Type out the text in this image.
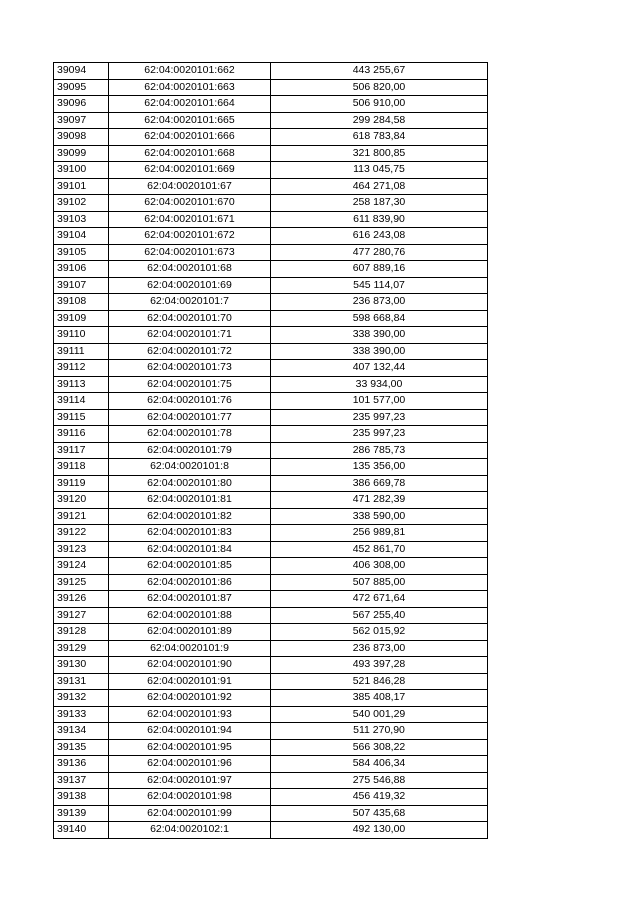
39094	62:04:0020101:662	443 255,67
39095	62:04:0020101:663	506 820,00
39096	62:04:0020101:664	506 910,00
39097	62:04:0020101:665	299 284,58
39098	62:04:0020101:666	618 783,84
39099	62:04:0020101:668	321 800,85
39100	62:04:0020101:669	113 045,75
39101	62:04:0020101:67	464 271,08
39102	62:04:0020101:670	258 187,30
39103	62:04:0020101:671	611 839,90
39104	62:04:0020101:672	616 243,08
39105	62:04:0020101:673	477 280,76
39106	62:04:0020101:68	607 889,16
39107	62:04:0020101:69	545 114,07
39108	62:04:0020101:7	236 873,00
39109	62:04:0020101:70	598 668,84
39110	62:04:0020101:71	338 390,00
39111	62:04:0020101:72	338 390,00
39112	62:04:0020101:73	407 132,44
39113	62:04:0020101:75	33 934,00
39114	62:04:0020101:76	101 577,00
39115	62:04:0020101:77	235 997,23
39116	62:04:0020101:78	235 997,23
39117	62:04:0020101:79	286 785,73
39118	62:04:0020101:8	135 356,00
39119	62:04:0020101:80	386 669,78
39120	62:04:0020101:81	471 282,39
39121	62:04:0020101:82	338 590,00
39122	62:04:0020101:83	256 989,81
39123	62:04:0020101:84	452 861,70
39124	62:04:0020101:85	406 308,00
39125	62:04:0020101:86	507 885,00
39126	62:04:0020101:87	472 671,64
39127	62:04:0020101:88	567 255,40
39128	62:04:0020101:89	562 015,92
39129	62:04:0020101:9	236 873,00
39130	62:04:0020101:90	493 397,28
39131	62:04:0020101:91	521 846,28
39132	62:04:0020101:92	385 408,17
39133	62:04:0020101:93	540 001,29
39134	62:04:0020101:94	511 270,90
39135	62:04:0020101:95	566 308,22
39136	62:04:0020101:96	584 406,34
39137	62:04:0020101:97	275 546,88
39138	62:04:0020101:98	456 419,32
39139	62:04:0020101:99	507 435,68
39140	62:04:0020102:1	492 130,00
